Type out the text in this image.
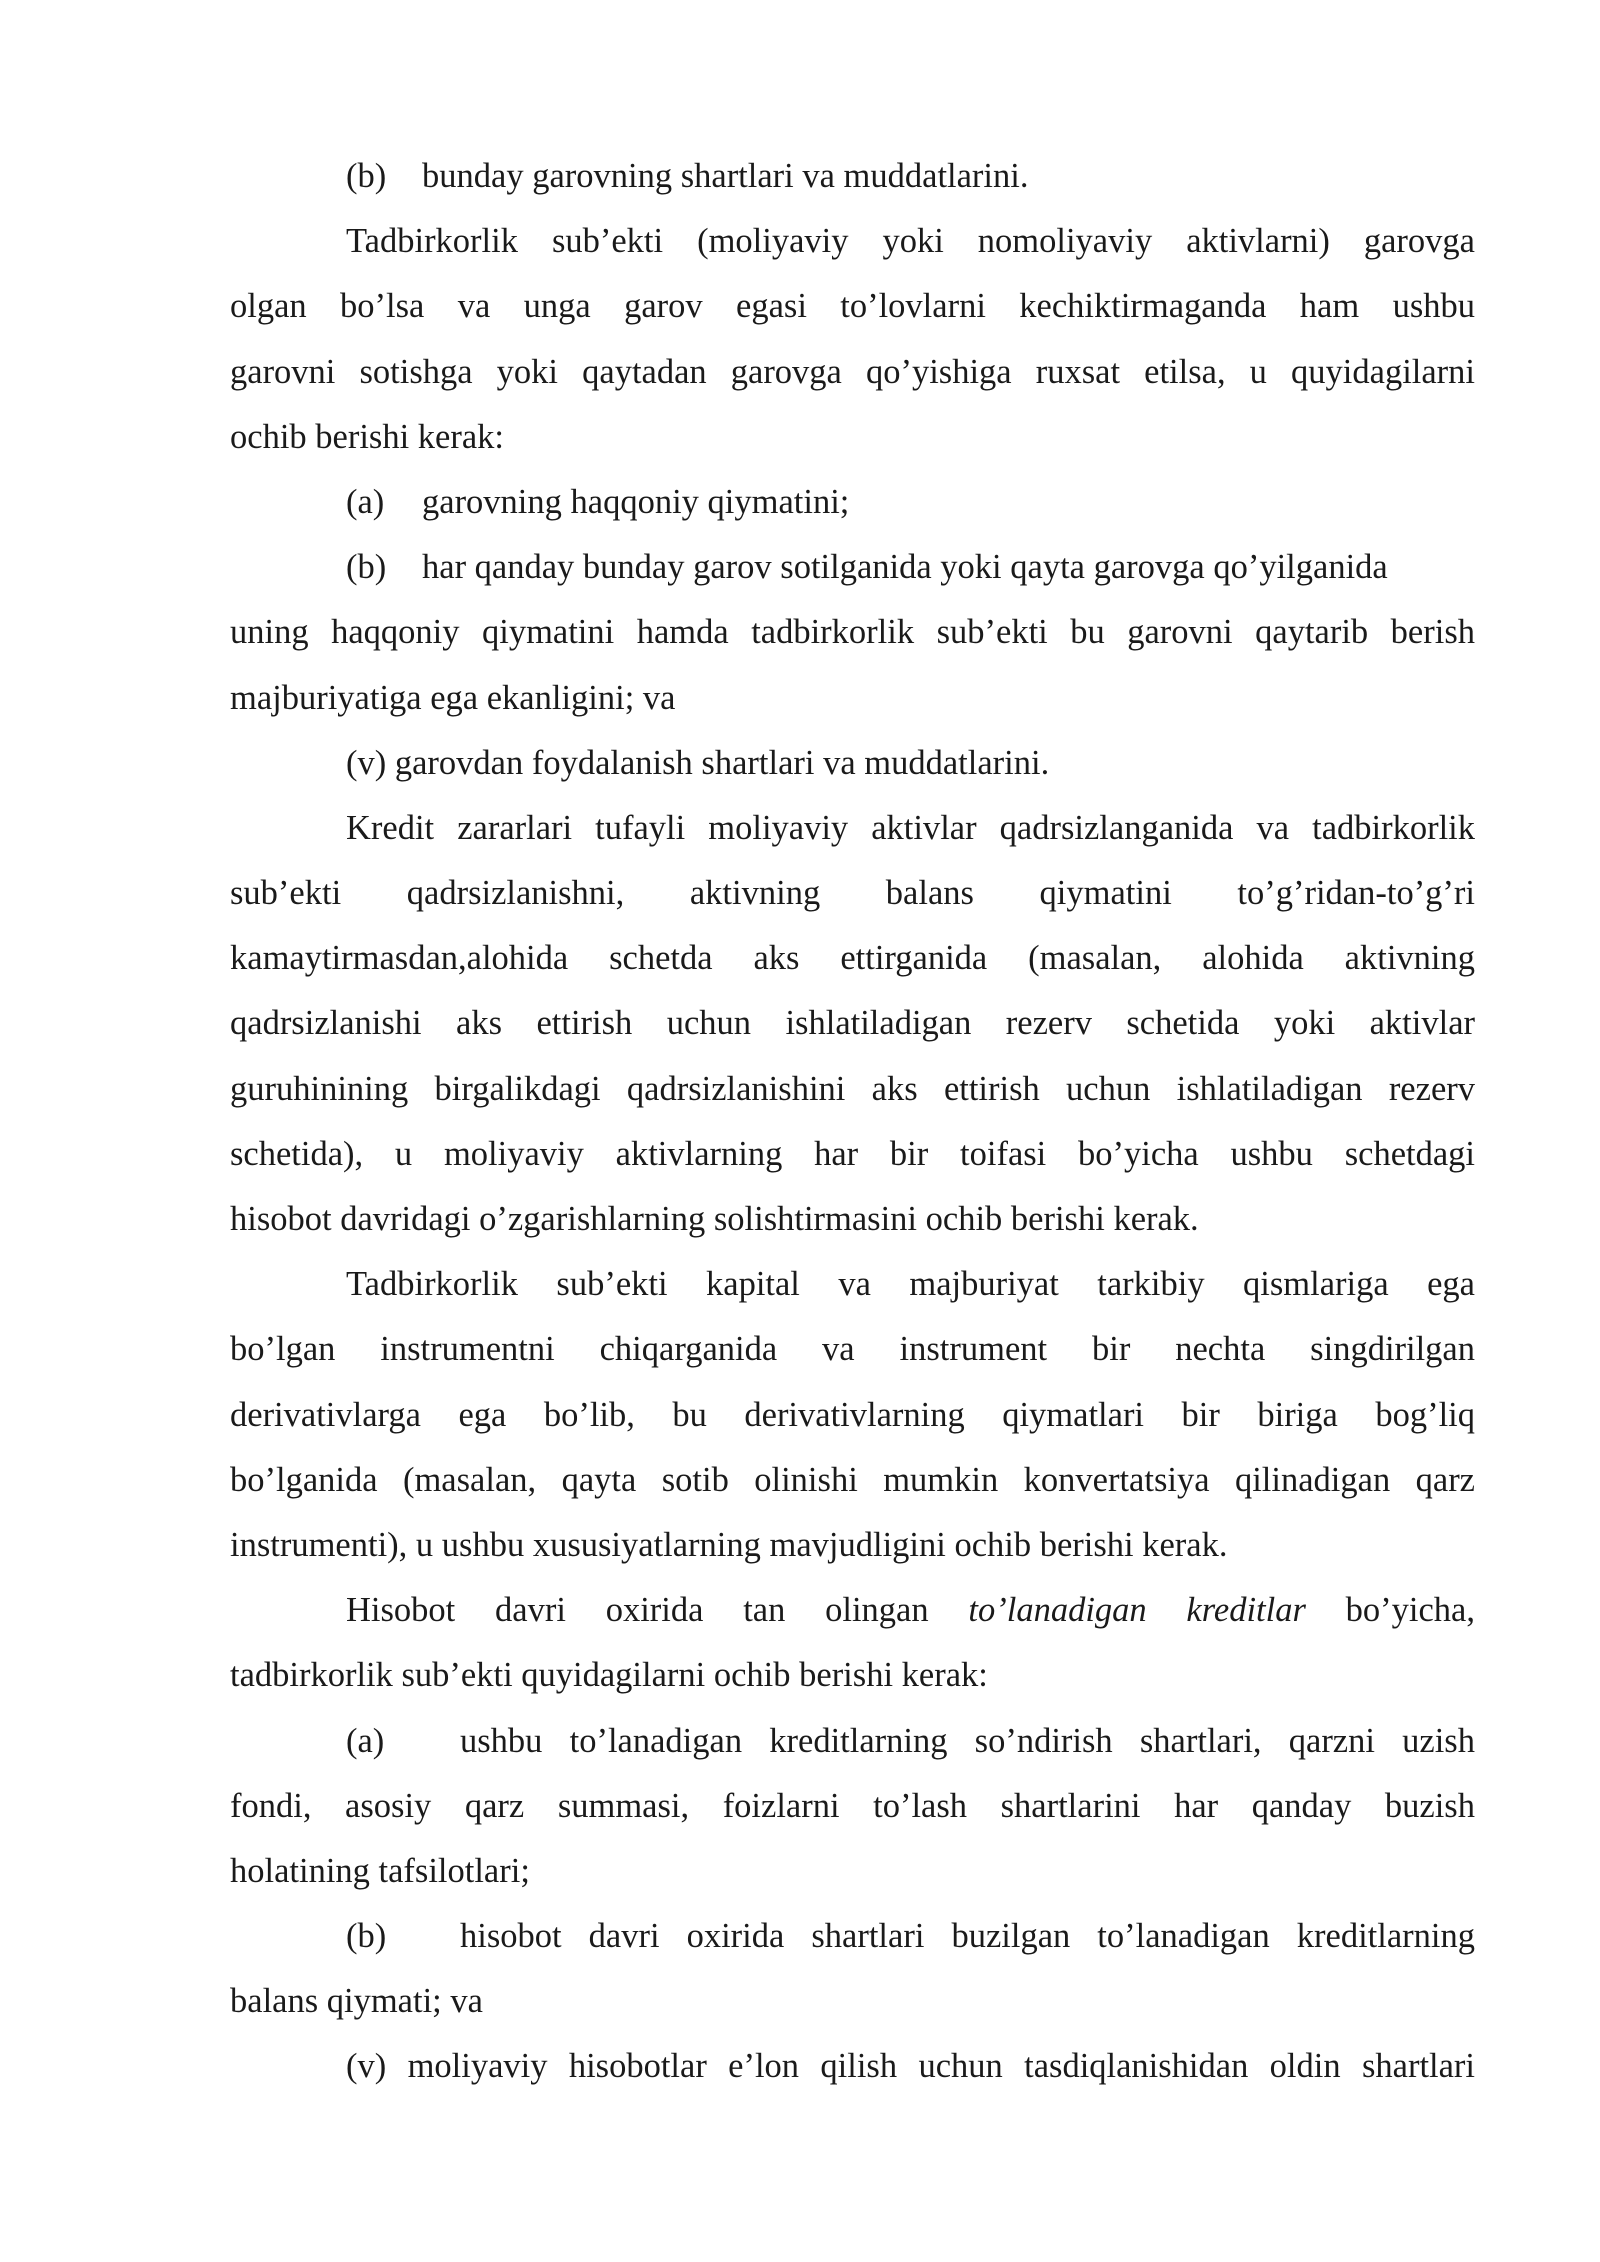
(b) bunday garovning shartlari va muddatlarini.
Tadbirkorlik sub’ekti (moliyaviy yoki nomoliyaviy aktivlarni) garovga
olgan bo’lsa va unga garov egasi to’lovlarni kechiktirmaganda ham ushbu
garovni sotishga yoki qaytadan garovga qo’yishiga ruxsat etilsa, u quyidagilarni
ochib berishi kerak:
(a) garovning haqqoniy qiymatini;
(b) har qanday bunday garov sotilganida yoki qayta garovga qo’yilganida
uning haqqoniy qiymatini hamda tadbirkorlik sub’ekti bu garovni qaytarib berish
majburiyatiga ega ekanligini; va
(v) garovdan foydalanish shartlari va muddatlarini.
Kredit zararlari tufayli moliyaviy aktivlar qadrsizlanganida va tadbirkorlik
sub’ekti qadrsizlanishni, aktivning balans qiymatini to’g’ridan-to’g’ri
kamaytirmasdan,alohida schetda aks ettirganida (masalan, alohida aktivning
qadrsizlanishi aks ettirish uchun ishlatiladigan rezerv schetida yoki aktivlar
guruhinining birgalikdagi qadrsizlanishini aks ettirish uchun ishlatiladigan rezerv
schetida), u moliyaviy aktivlarning har bir toifasi bo’yicha ushbu schetdagi
hisobot davridagi o’zgarishlarning solishtirmasini ochib berishi kerak.
Tadbirkorlik sub’ekti kapital va majburiyat tarkibiy qismlariga ega
bo’lgan instrumentni chiqarganida va instrument bir nechta singdirilgan
derivativlarga ega bo’lib, bu derivativlarning qiymatlari bir biriga bog’liq
bo’lganida (masalan, qayta sotib olinishi mumkin konvertatsiya qilinadigan qarz
instrumenti), u ushbu xususiyatlarning mavjudligini ochib berishi kerak.
Hisobot davri oxirida tan olingan to’lanadigan kreditlar bo’yicha,
tadbirkorlik sub’ekti quyidagilarni ochib berishi kerak:
(a)	ushbu to’lanadigan kreditlarning so’ndirish shartlari, qarzni uzish
fondi, asosiy qarz summasi, foizlarni to’lash shartlarini har qanday buzish
holatining tafsilotlari;
(b)	hisobot davri oxirida shartlari buzilgan to’lanadigan kreditlarning
balans qiymati; va
(v) moliyaviy hisobotlar e’lon qilish uchun tasdiqlanishidan oldin shartlari
